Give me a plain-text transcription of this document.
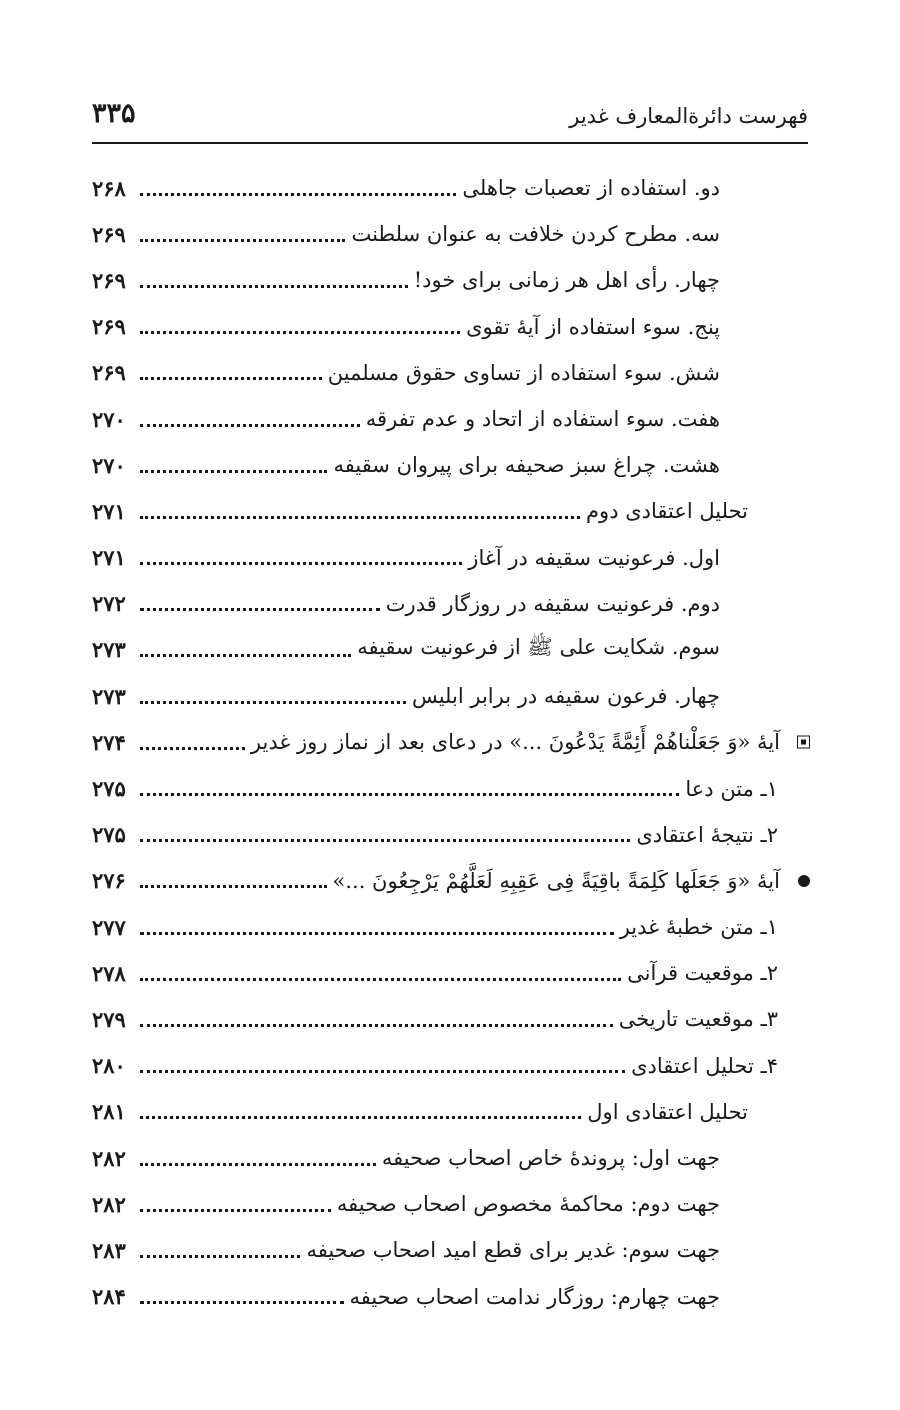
فهرست دائرةالمعارف غدیر
۳۳۵
دو. استفاده از تعصبات جاهلی
۲۶۸
سه. مطرح کردن خلافت به عنوان سلطنت
۲۶۹
چهار. رأی اهل هر زمانی برای خود!
۲۶۹
پنج. سوء استفاده از آیهٔ تقوی
۲۶۹
شش. سوء استفاده از تساوی حقوق مسلمین
۲۶۹
هفت. سوء استفاده از اتحاد و عدم تفرقه
۲۷۰
هشت. چراغ سبز صحیفه برای پیروان سقیفه
۲۷۰
تحلیل اعتقادی دوم
۲۷۱
اول. فرعونیت سقیفه در آغاز
۲۷۱
دوم. فرعونیت سقیفه در روزگار قدرت
۲۷۲
سوم. شکایت علی ﷺ از فرعونیت سقیفه
۲۷۳
چهار. فرعون سقیفه در برابر ابلیس
۲۷۳
آیهٔ «وَ جَعَلْناهُمْ أَئِمَّةً یَدْعُونَ ...» در دعای بعد از نماز روز غدیر
۲۷۴
۱ـ متن دعا
۲۷۵
۲ـ نتیجهٔ اعتقادی
۲۷۵
آیهٔ «وَ جَعَلَها کَلِمَةً باقِیَةً فِی عَقِبِهِ لَعَلَّهُمْ یَرْجِعُونَ ...»
۲۷۶
۱ـ متن خطبهٔ غدیر
۲۷۷
۲ـ موقعیت قرآنی
۲۷۸
۳ـ موقعیت تاریخی
۲۷۹
۴ـ تحلیل اعتقادی
۲۸۰
تحلیل اعتقادی اول
۲۸۱
جهت اول: پروندهٔ خاص اصحاب صحیفه
۲۸۲
جهت دوم: محاکمهٔ مخصوص اصحاب صحیفه
۲۸۲
جهت سوم: غدیر برای قطع امید اصحاب صحیفه
۲۸۳
جهت چهارم: روزگار ندامت اصحاب صحیفه
۲۸۴
